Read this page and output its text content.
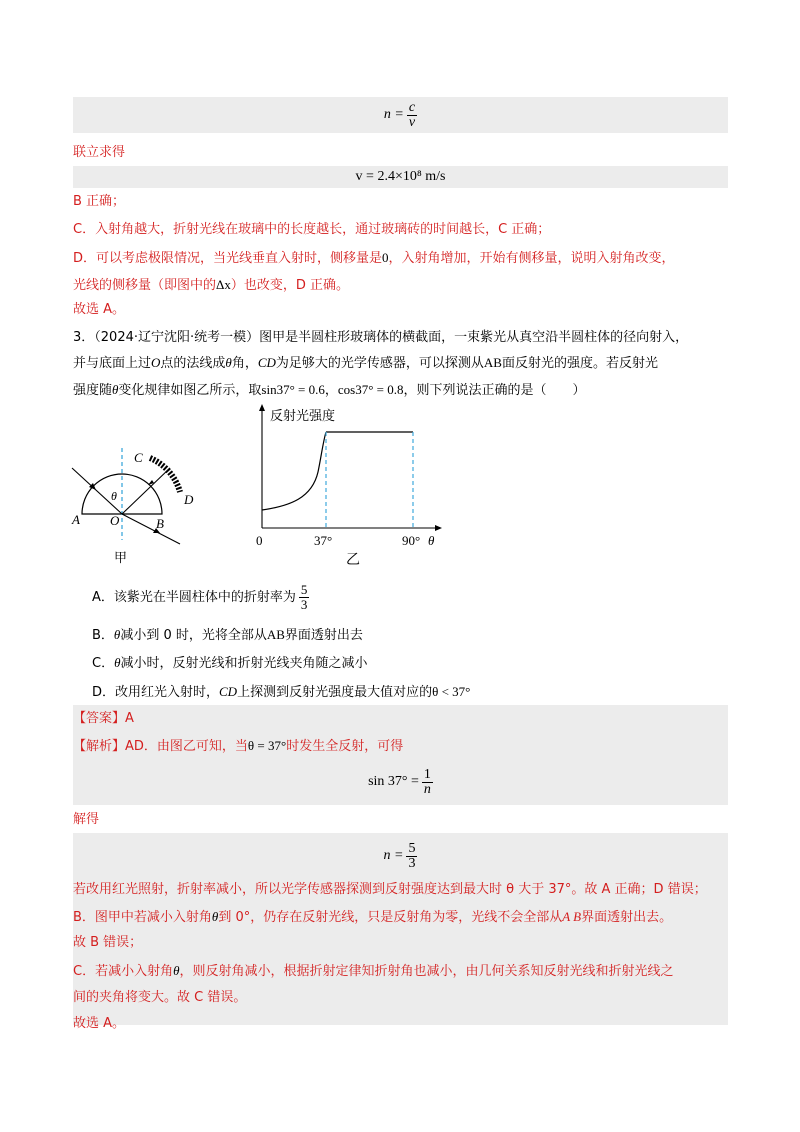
$n = \frac{c}{v}$
联立求得
v = 2.4×10⁸ m/s
B 正确；
C．入射角越大，折射光线在玻璃中的长度越长，通过玻璃砖的时间越长，C 正确；
D．可以考虑极限情况，当光线垂直入射时，侧移量是0，入射角增加，开始有侧移量，说明入射角改变，
光线的侧移量（即图中的Δx）也改变，D 正确。
故选 A。
3．（2024·辽宁沈阳·统考一模）图甲是半圆柱形玻璃体的横截面，一束紫光从真空沿半圆柱体的径向射入，
并与底面上过O点的法线成θ角，CD为足够大的光学传感器，可以探测从AB面反射光的强度。若反射光
强度随θ变化规律如图乙所示，取sin37° = 0.6，cos37° = 0.8，则下列说法正确的是（　　）
C
D
A O	B
θ
甲
反射光强度
0	37°	90° θ
乙
A．该紫光在半圆柱体中的折射率为 $\frac{5}{3}$
B．θ减小到 0 时，光将全部从AB界面透射出去
C．θ减小时，反射光线和折射光线夹角随之减小
D．改用红光入射时，CD上探测到反射光强度最大值对应的θ < 37°
【答案】A
【解析】AD．由图乙可知，当θ = 37°时发生全反射，可得
$\sin 37^\circ = \frac{1}{n}$
解得
$n = \frac{5}{3}$
若改用红光照射，折射率减小，所以光学传感器探测到反射强度达到最大时 θ 大于 37°。故 A 正确；D 错误；
B．图甲中若减小入射角θ到 0°，仍存在反射光线，只是反射角为零，光线不会全部从A B界面透射出去。
故 B 错误；
C．若减小入射角θ，则反射角减小，根据折射定律知折射角也减小，由几何关系知反射光线和折射光线之
间的夹角将变大。故 C 错误。
故选 A。
